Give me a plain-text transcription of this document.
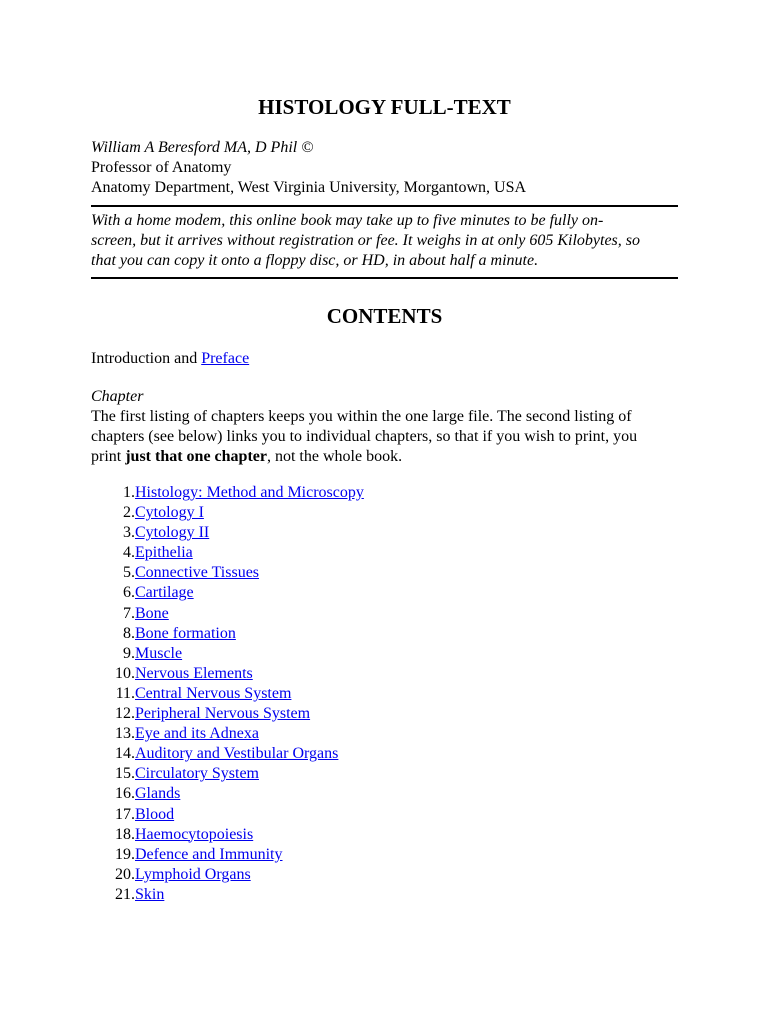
HISTOLOGY FULL-TEXT
William A Beresford MA, D Phil ©
Professor of Anatomy
Anatomy Department, West Virginia University, Morgantown, USA
With a home modem, this online book may take up to five minutes to be fully on-
screen, but it arrives without registration or fee. It weighs in at only 605 Kilobytes, so
that you can copy it onto a floppy disc, or HD, in about half a minute.
CONTENTS
Introduction and Preface
Chapter
The first listing of chapters keeps you within the one large file. The second listing of
chapters (see below) links you to individual chapters, so that if you wish to print, you
print just that one chapter, not the whole book.
1. Histology: Method and Microscopy
2. Cytology I
3. Cytology II
4. Epithelia
5. Connective Tissues
6. Cartilage
7. Bone
8. Bone formation
9. Muscle
10. Nervous Elements
11. Central Nervous System
12. Peripheral Nervous System
13. Eye and its Adnexa
14. Auditory and Vestibular Organs
15. Circulatory System
16. Glands
17. Blood
18. Haemocytopoiesis
19. Defence and Immunity
20. Lymphoid Organs
21. Skin
